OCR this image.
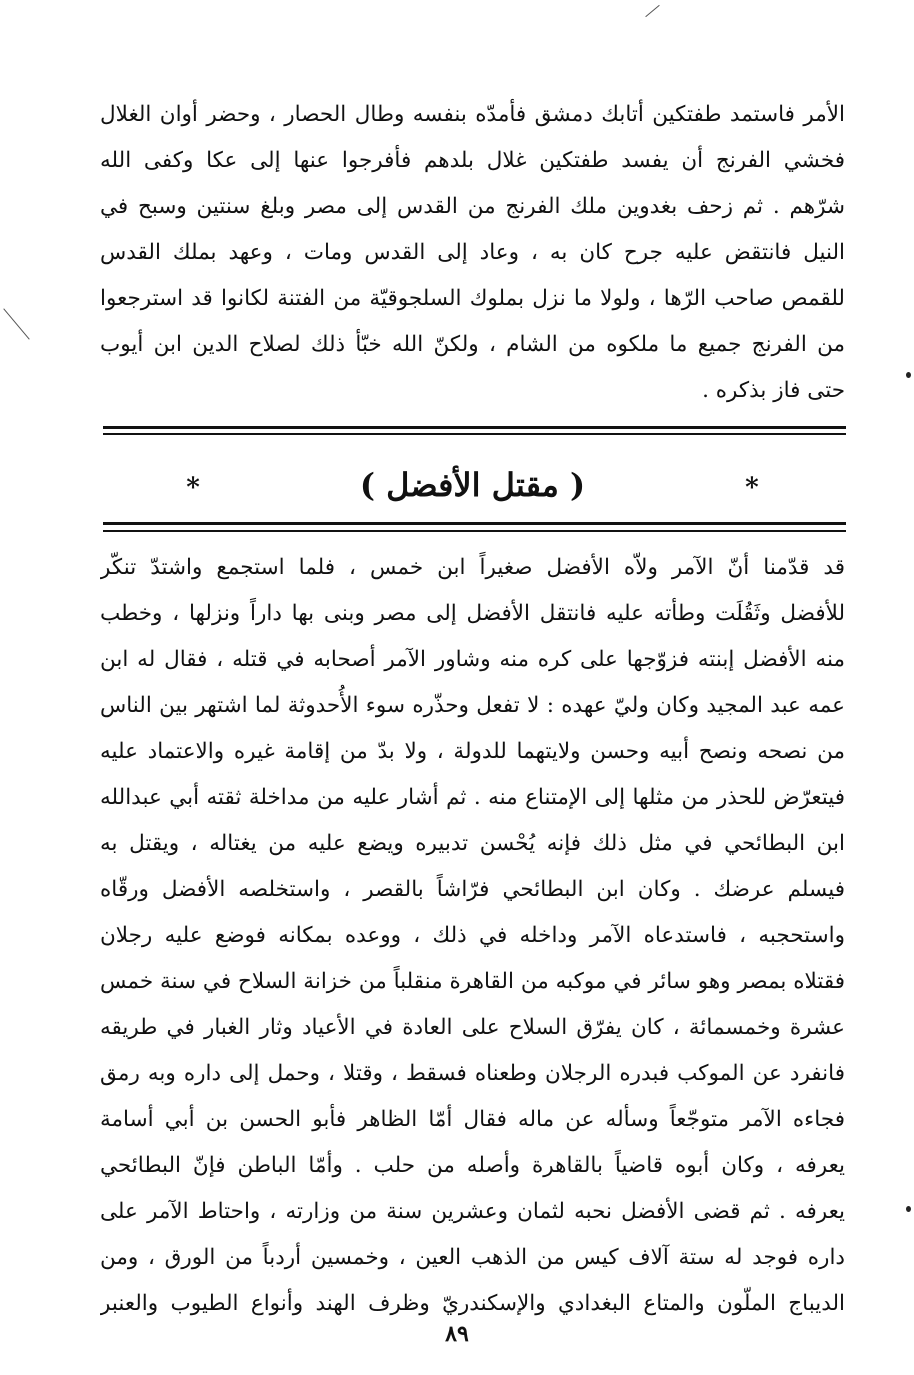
الأمر فاستمد طفتكين أتابك دمشق فأمدّه بنفسه وطال الحصار ، وحضر أوان الغلال
فخشي الفرنج أن يفسد طفتكين غلال بلدهم فأفرجوا عنها إلى عكا وكفى الله
شرّهم . ثم زحف بغدوين ملك الفرنج من القدس إلى مصر وبلغ سنتين وسبح في
النيل فانتقض عليه جرح كان به ، وعاد إلى القدس ومات ، وعهد بملك القدس
للقمص صاحب الرّها ، ولولا ما نزل بملوك السلجوقيّة من الفتنة لكانوا قد استرجعوا
من الفرنج جميع ما ملكوه من الشام ، ولكنّ الله خبّأ ذلك لصلاح الدين ابن أيوب
حتى فاز بذكره .
*( مقتل الأفضل )*
قد قدّمنا أنّ الآمر ولاّه الأفضل صغيراً ابن خمس ، فلما استجمع واشتدّ تنكّر
للأفضل وثَقُلَت وطأته عليه فانتقل الأفضل إلى مصر وبنى بها داراً ونزلها ، وخطب
منه الأفضل إبنته فزوّجها على كره منه وشاور الآمر أصحابه في قتله ، فقال له ابن
عمه عبد المجيد وكان وليّ عهده : لا تفعل وحذّره سوء الأُحدوثة لما اشتهر بين الناس
من نصحه ونصح أبيه وحسن ولايتهما للدولة ، ولا بدّ من إقامة غيره والاعتماد عليه
فيتعرّض للحذر من مثلها إلى الإمتناع منه . ثم أشار عليه من مداخلة ثقته أبي عبدالله
ابن البطائحي في مثل ذلك فإنه يُحْسن تدبيره ويضع عليه من يغتاله ، ويقتل به
فيسلم عرضك . وكان ابن البطائحي فرّاشاً بالقصر ، واستخلصه الأفضل ورقّاه
واستحجبه ، فاستدعاه الآمر وداخله في ذلك ، ووعده بمكانه فوضع عليه رجلان
فقتلاه بمصر وهو سائر في موكبه من القاهرة منقلباً من خزانة السلاح في سنة خمس
عشرة وخمسمائة ، كان يفرّق السلاح على العادة في الأعياد وثار الغبار في طريقه
فانفرد عن الموكب فبدره الرجلان وطعناه فسقط ، وقتلا ، وحمل إلى داره وبه رمق
فجاءه الآمر متوجّعاً وسأله عن ماله فقال أمّا الظاهر فأبو الحسن بن أبي أسامة
يعرفه ، وكان أبوه قاضياً بالقاهرة وأصله من حلب . وأمّا الباطن فإنّ البطائحي
يعرفه . ثم قضى الأفضل نحبه لثمان وعشرين سنة من وزارته ، واحتاط الآمر على
داره فوجد له ستة آلاف كيس من الذهب العين ، وخمسين أردباً من الورق ، ومن
الديباج الملّون والمتاع البغدادي والإسكندريّ وظرف الهند وأنواع الطيوب والعنبر
٨٩
